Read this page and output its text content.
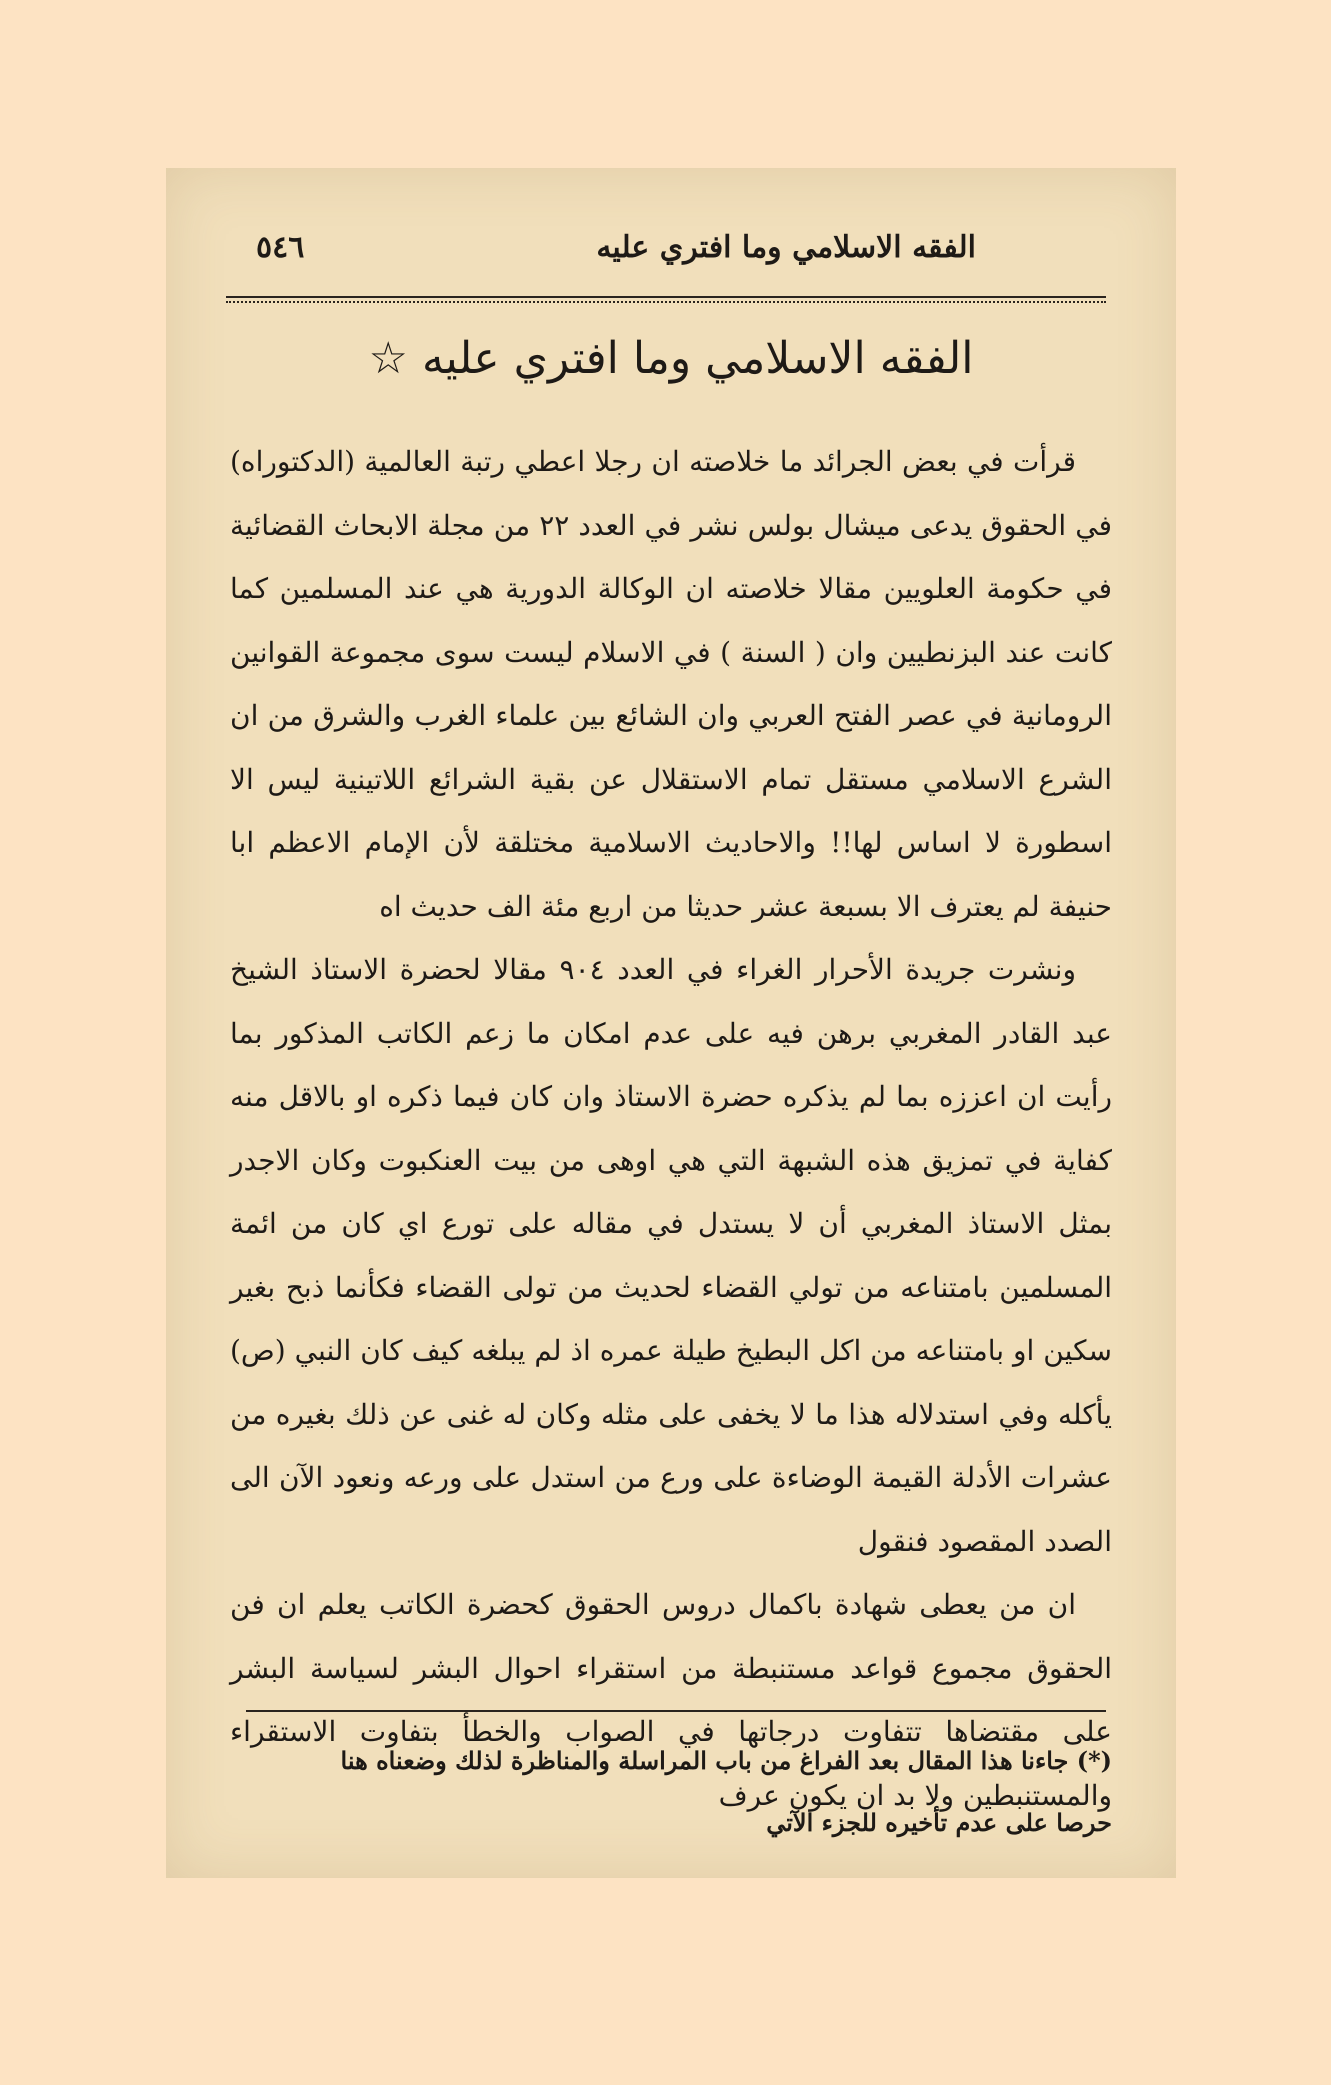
الفقه الاسلامي وما افتري عليه
٥٤٦
الفقه الاسلامي وما افتري عليه ☆

قرأت في بعض الجرائد ما خلاصته ان رجلا اعطي رتبة العالمية (الدكتوراه) في الحقوق يدعى ميشال بولس نشر في العدد ٢٢ من مجلة الابحاث القضائية في حكومة العلويين مقالا خلاصته ان الوكالة الدورية هي عند المسلمين كما كانت عند البزنطيين وان ( السنة ) في الاسلام ليست سوى مجموعة القوانين الرومانية في عصر الفتح العربي وان الشائع بين علماء الغرب والشرق من ان الشرع الاسلامي مستقل تمام الاستقلال عن بقية الشرائع اللاتينية ليس الا اسطورة لا اساس لها!! والاحاديث الاسلامية مختلقة لأن الإمام الاعظم ابا حنيفة لم يعترف الا بسبعة عشر حديثا من اربع مئة الف حديث اه

ونشرت جريدة الأحرار الغراء في العدد ٩٠٤ مقالا لحضرة الاستاذ الشيخ عبد القادر المغربي برهن فيه على عدم امكان ما زعم الكاتب المذكور بما رأيت ان اعززه بما لم يذكره حضرة الاستاذ وان كان فيما ذكره او بالاقل منه كفاية في تمزيق هذه الشبهة التي هي اوهى من بيت العنكبوت وكان الاجدر بمثل الاستاذ المغربي أن لا يستدل في مقاله على تورع اي كان من ائمة المسلمين بامتناعه من تولي القضاء لحديث من تولى القضاء فكأنما ذبح بغير سكين او بامتناعه من اكل البطيخ طيلة عمره اذ لم يبلغه كيف كان النبي (ص) يأكله وفي استدلاله هذا ما لا يخفى على مثله وكان له غنى عن ذلك بغيره من عشرات الأدلة القيمة الوضاءة على ورع من استدل على ورعه ونعود الآن الى الصدد المقصود فنقول

ان من يعطى شهادة باكمال دروس الحقوق كحضرة الكاتب يعلم ان فن الحقوق مجموع قواعد مستنبطة من استقراء احوال البشر لسياسة البشر على مقتضاها تتفاوت درجاتها في الصواب والخطأ بتفاوت الاستقراء والمستنبطين ولا بد ان يكون عرف

(*) جاءنا هذا المقال بعد الفراغ من باب المراسلة والمناظرة لذلك وضعناه هنا

حرصا على عدم تأخيره للجزء الآتي
